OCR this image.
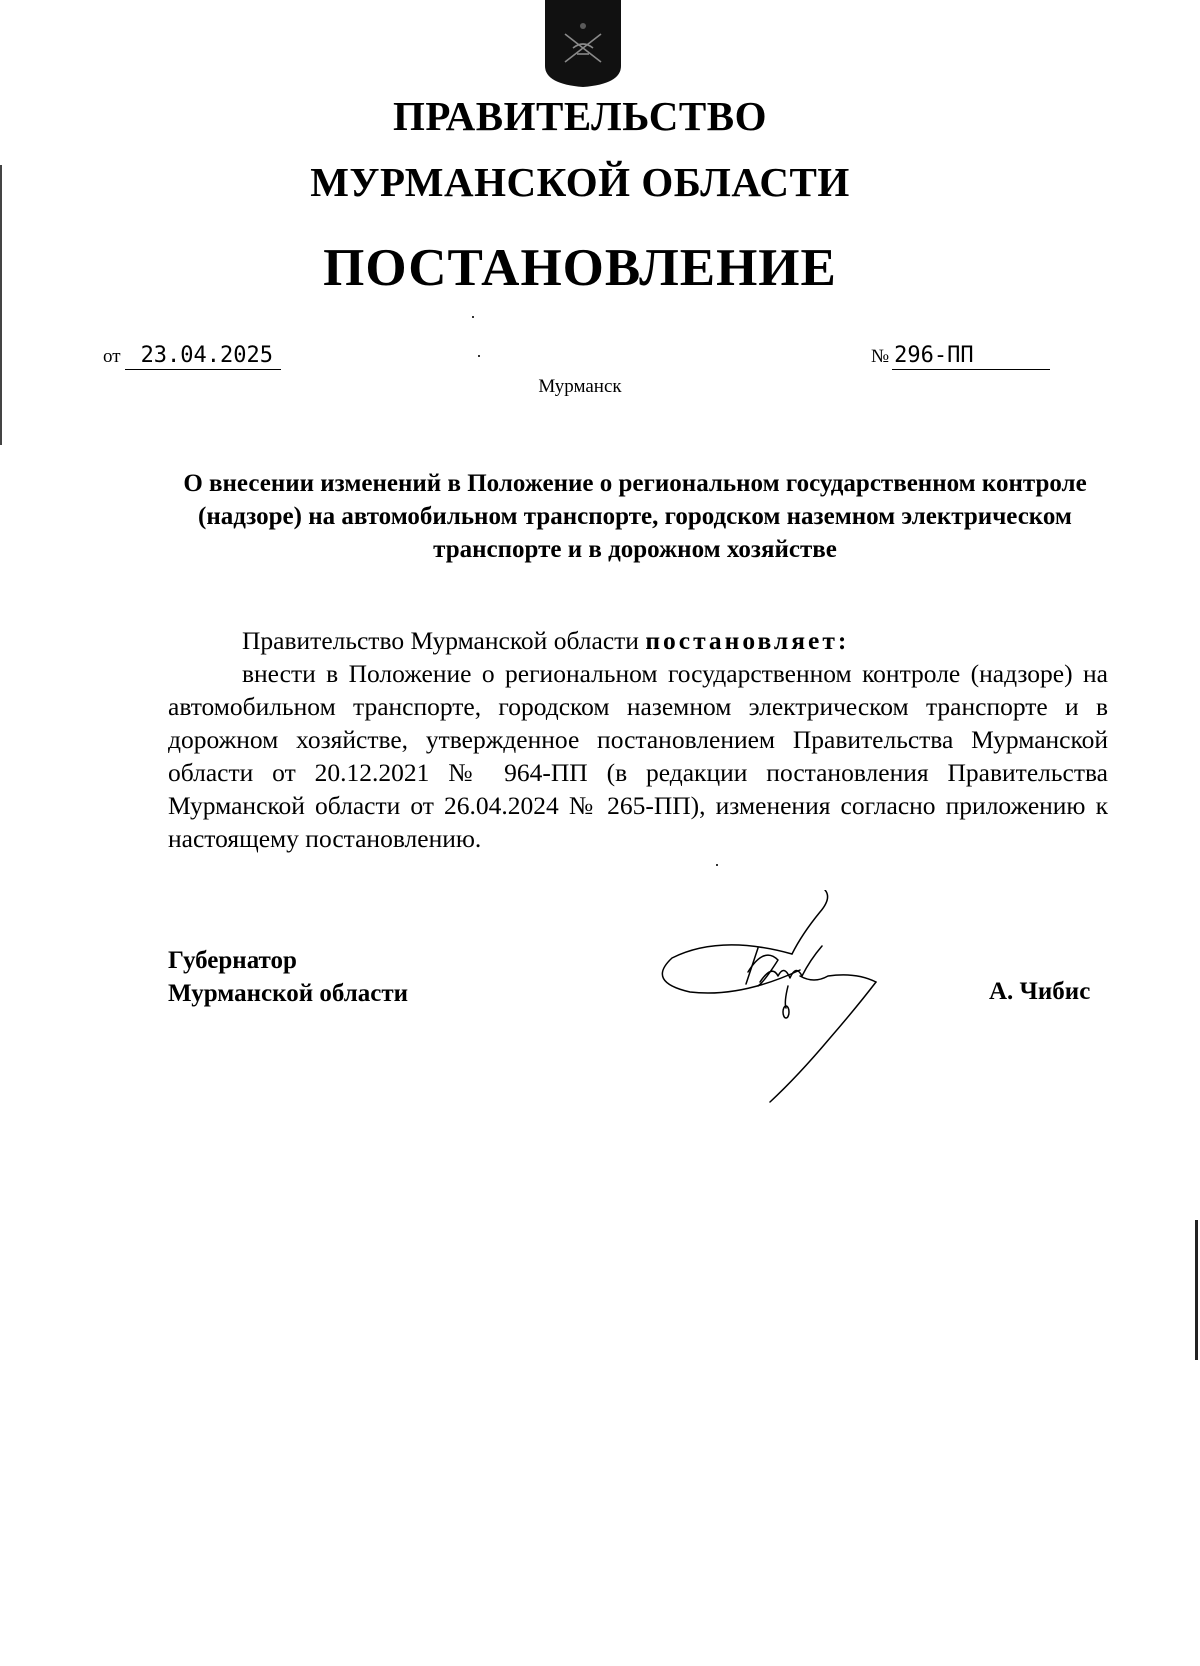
ПРАВИТЕЛЬСТВО
МУРМАНСКОЙ ОБЛАСТИ
ПОСТАНОВЛЕНИЕ
от 23.04.2025	№ 296-ПП
Мурманск
О внесении изменений в Положение о региональном государственном контроле (надзоре) на автомобильном транспорте, городском наземном электрическом транспорте и в дорожном хозяйстве
Правительство Мурманской области постановляет:
внести в Положение о региональном государственном контроле (надзоре) на автомобильном транспорте, городском наземном электрическом транспорте и в дорожном хозяйстве, утвержденное постановлением Правительства Мурманской области от 20.12.2021 № 964-ПП (в редакции постановления Правительства Мурманской области от 26.04.2024 № 265-ПП), изменения согласно приложению к настоящему постановлению.
Губернатор
Мурманской области	А. Чибис
